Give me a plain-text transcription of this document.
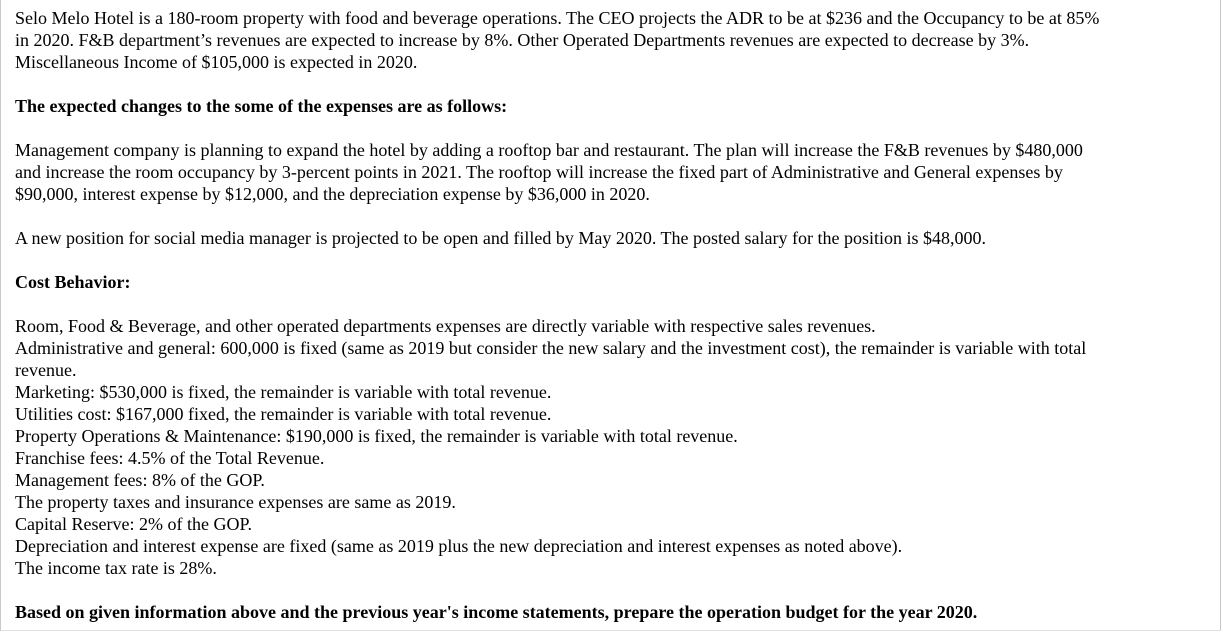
Selo Melo Hotel is a 180-room property with food and beverage operations. The CEO projects the ADR to be at $236 and the Occupancy to be at 85%
in 2020. F&B department’s revenues are expected to increase by 8%. Other Operated Departments revenues are expected to decrease by 3%.
Miscellaneous Income of $105,000 is expected in 2020.

The expected changes to the some of the expenses are as follows:

Management company is planning to expand the hotel by adding a rooftop bar and restaurant. The plan will increase the F&B revenues by $480,000
and increase the room occupancy by 3-percent points in 2021. The rooftop will increase the fixed part of Administrative and General expenses by
$90,000, interest expense by $12,000, and the depreciation expense by $36,000 in 2020.

A new position for social media manager is projected to be open and filled by May 2020. The posted salary for the position is $48,000.

Cost Behavior:

Room, Food & Beverage, and other operated departments expenses are directly variable with respective sales revenues.
Administrative and general: 600,000 is fixed (same as 2019 but consider the new salary and the investment cost), the remainder is variable with total
revenue.
Marketing: $530,000 is fixed, the remainder is variable with total revenue.
Utilities cost: $167,000 fixed, the remainder is variable with total revenue.
Property Operations & Maintenance: $190,000 is fixed, the remainder is variable with total revenue.
Franchise fees: 4.5% of the Total Revenue.
Management fees: 8% of the GOP.
The property taxes and insurance expenses are same as 2019.
Capital Reserve: 2% of the GOP.
Depreciation and interest expense are fixed (same as 2019 plus the new depreciation and interest expenses as noted above).
The income tax rate is 28%.

Based on given information above and the previous year's income statements, prepare the operation budget for the year 2020.
